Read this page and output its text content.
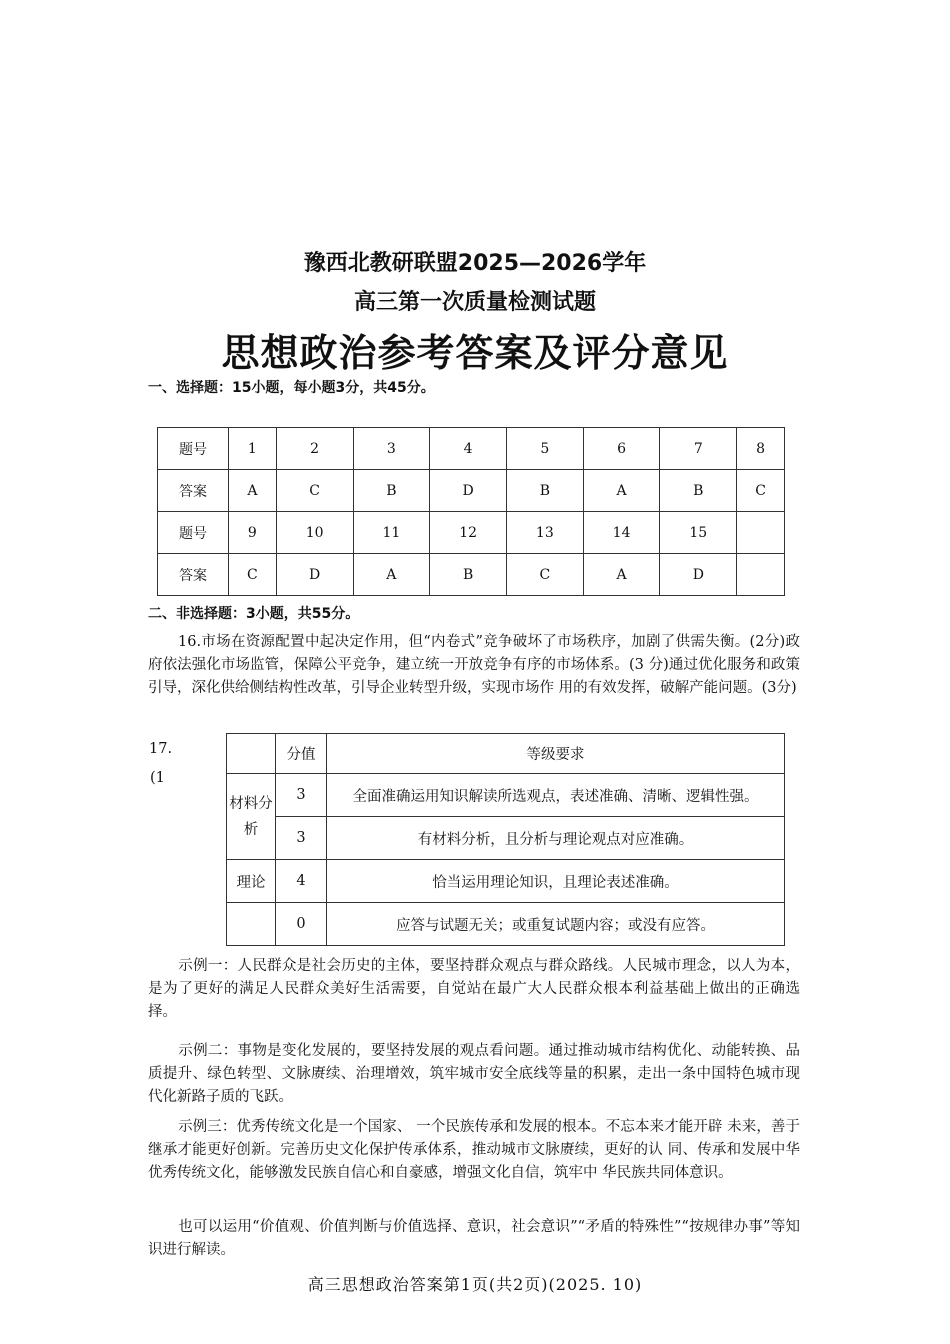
豫西北教研联盟2025—2026学年
高三第一次质量检测试题
思想政治参考答案及评分意见
一、选择题：15小题，每小题3分，共45分。
题号	1	2	3	4	5	6	7	8
答案	A	C	B	D	B	A	B	C
题号	9	10	11	12	13	14	15	
答案	C	D	A	B	C	A	D	
二、非选择题：3小题，共55分。
16.市场在资源配置中起决定作用，但“内卷式”竞争破坏了市场秩序，加剧了供需失衡。(2分)政府依法强化市场监管，保障公平竞争，建立统一开放竞争有序的市场体系。(3 分)通过优化服务和政策引导，深化供给侧结构性改革，引导企业转型升级，实现市场作 用的有效发挥，破解产能问题。(3分)
17.
(1
	分值	等级要求
材料分析	3	全面准确运用知识解读所选观点，表述准确、清晰、逻辑性强。
	3	有材料分析，且分析与理论观点对应准确。
理论	4	恰当运用理论知识，且理论表述准确。
	0	应答与试题无关；或重复试题内容；或没有应答。
示例一：人民群众是社会历史的主体，要坚持群众观点与群众路线。人民城市理念，以人为本，是为了更好的满足人民群众美好生活需要，自觉站在最广大人民群众根本利益基础上做出的正确选择。
示例二：事物是变化发展的，要坚持发展的观点看问题。通过推动城市结构优化、动能转换、品质提升、绿色转型、文脉赓续、治理增效，筑牢城市安全底线等量的积累，走出一条中国特色城市现代化新路子质的飞跃。
示例三：优秀传统文化是一个国家、 一个民族传承和发展的根本。不忘本来才能开辟 未来，善于继承才能更好创新。完善历史文化保护传承体系，推动城市文脉赓续，更好的认 同、传承和发展中华优秀传统文化，能够激发民族自信心和自豪感，增强文化自信，筑牢中 华民族共同体意识。
也可以运用“价值观、价值判断与价值选择、意识，社会意识”“矛盾的特殊性”“按规律办事”等知识进行解读。
高三思想政治答案第1页(共2页)(2025. 10)
